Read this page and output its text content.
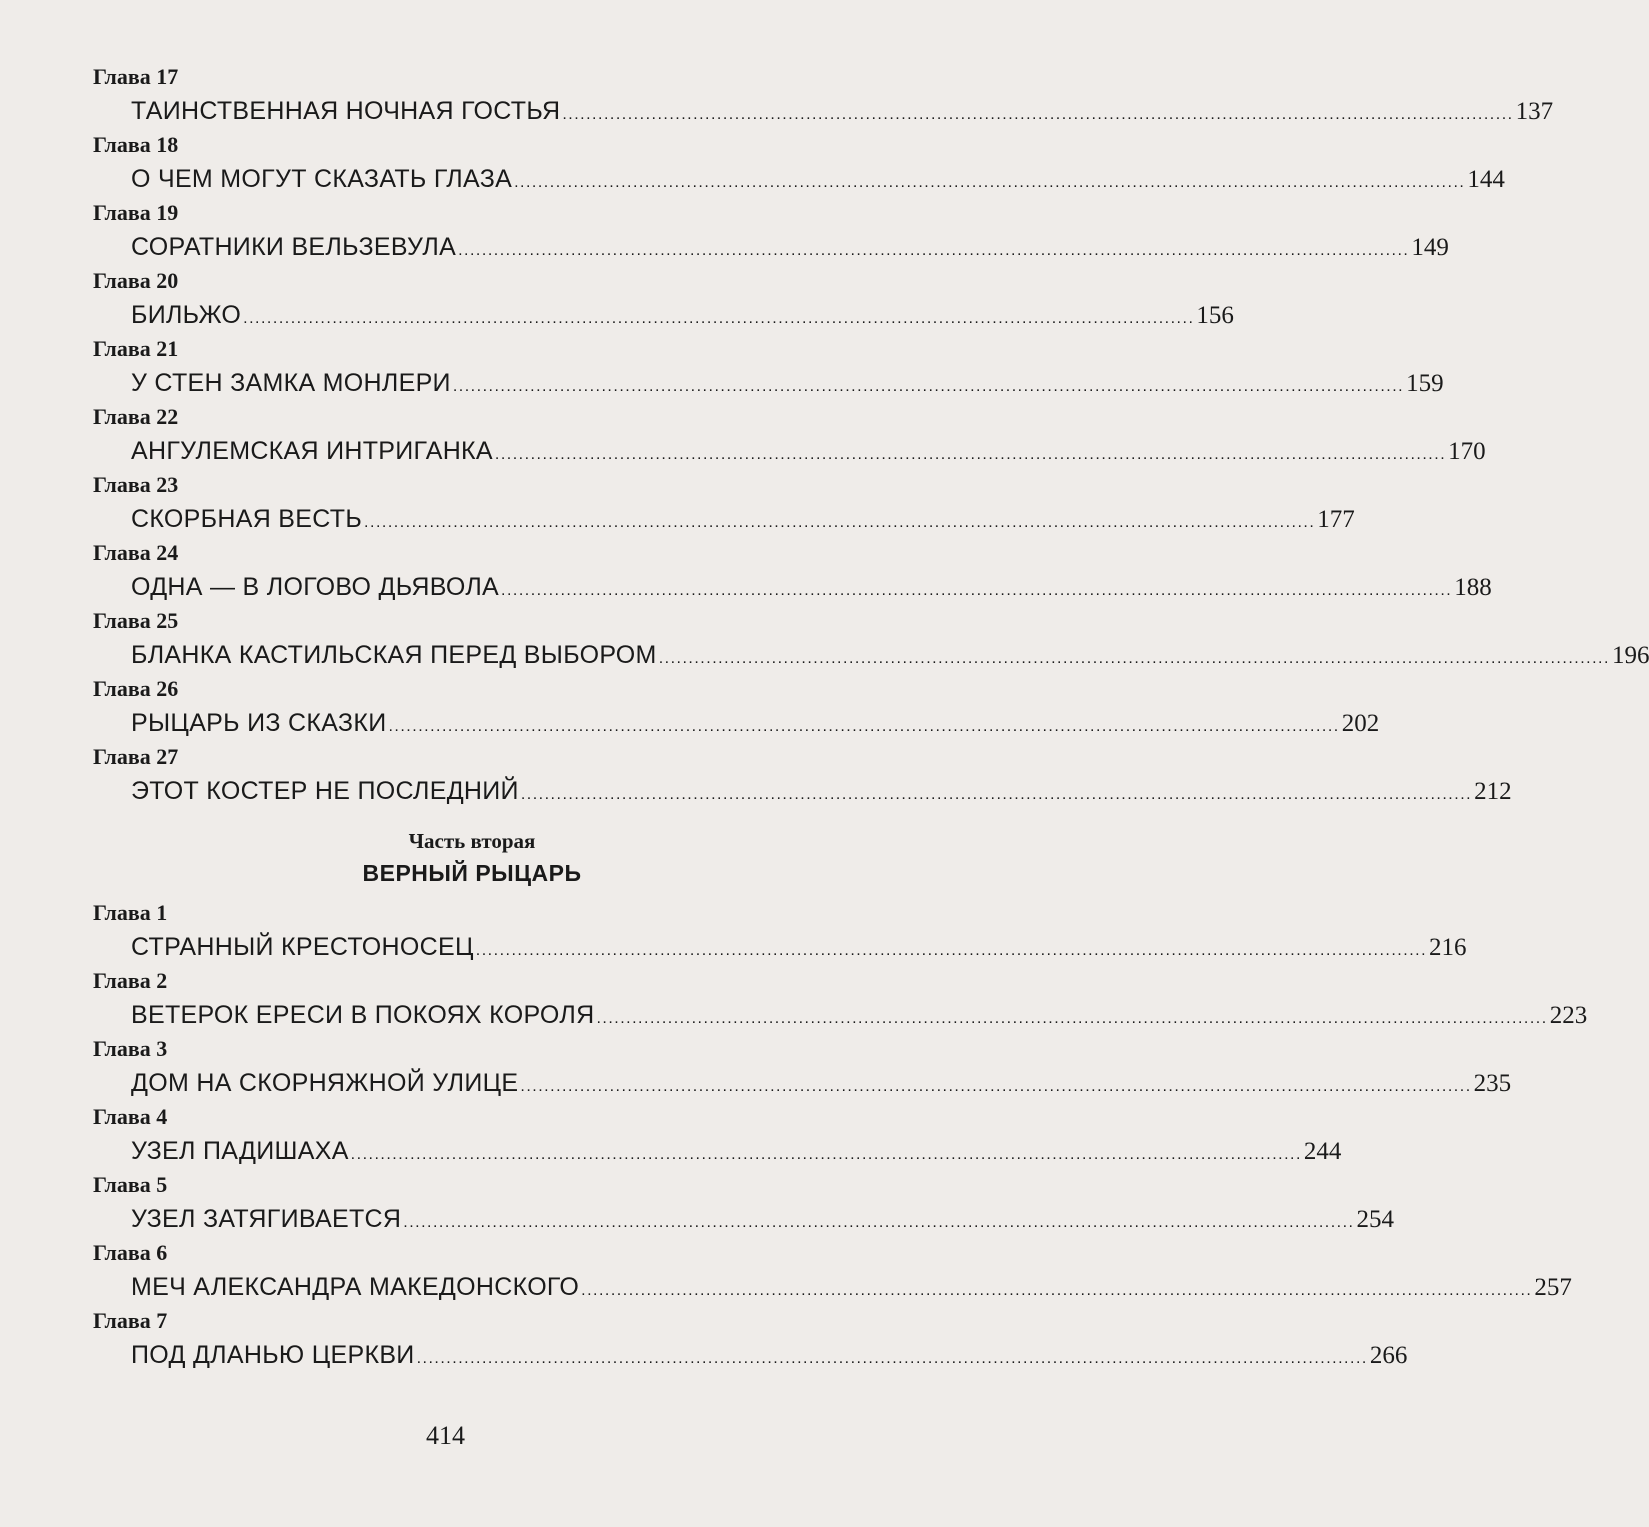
Глава 17
ТАИНСТВЕННАЯ НОЧНАЯ ГОСТЬЯ ................................................................................................................................................................ 137
Глава 18
О ЧЕМ МОГУТ СКАЗАТЬ ГЛАЗА ................................................................................................................................................................ 144
Глава 19
СОРАТНИКИ ВЕЛЬЗЕВУЛА ................................................................................................................................................................ 149
Глава 20
БИЛЬЖО ................................................................................................................................................................ 156
Глава 21
У СТЕН ЗАМКА МОНЛЕРИ ................................................................................................................................................................ 159
Глава 22
АНГУЛЕМСКАЯ ИНТРИГАНКА ................................................................................................................................................................ 170
Глава 23
СКОРБНАЯ ВЕСТЬ ................................................................................................................................................................ 177
Глава 24
ОДНА — В ЛОГОВО ДЬЯВОЛА ................................................................................................................................................................ 188
Глава 25
БЛАНКА КАСТИЛЬСКАЯ ПЕРЕД ВЫБОРОМ ................................................................................................................................................................ 196
Глава 26
РЫЦАРЬ ИЗ СКАЗКИ ................................................................................................................................................................ 202
Глава 27
ЭТОТ КОСТЕР НЕ ПОСЛЕДНИЙ ................................................................................................................................................................ 212
Часть вторая
ВЕРНЫЙ РЫЦАРЬ
Глава 1
СТРАННЫЙ КРЕСТОНОСЕЦ ................................................................................................................................................................ 216
Глава 2
ВЕТЕРОК ЕРЕСИ В ПОКОЯХ КОРОЛЯ ................................................................................................................................................................ 223
Глава 3
ДОМ НА СКОРНЯЖНОЙ УЛИЦЕ ................................................................................................................................................................ 235
Глава 4
УЗЕЛ ПАДИШАХА ................................................................................................................................................................ 244
Глава 5
УЗЕЛ ЗАТЯГИВАЕТСЯ ................................................................................................................................................................ 254
Глава 6
МЕЧ АЛЕКСАНДРА МАКЕДОНСКОГО ................................................................................................................................................................ 257
Глава 7
ПОД ДЛАНЬЮ ЦЕРКВИ ................................................................................................................................................................ 266
414
